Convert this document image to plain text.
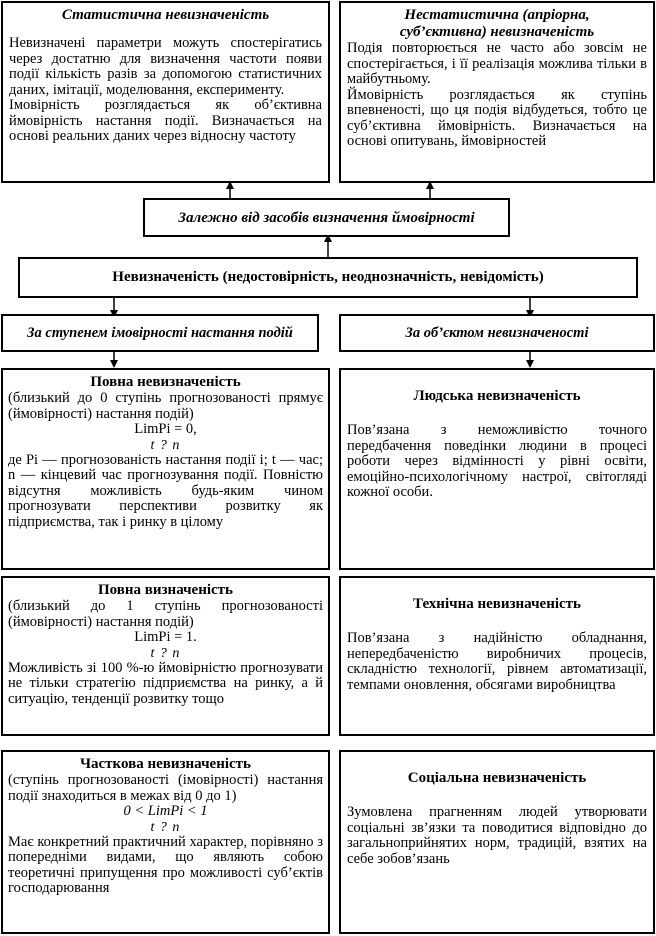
Статистична невизначеність

Невизначені параметри можуть спостерігатись через достатню для визначення частоти появи події кількість разів за допомогою статистичних даних, імітації, моделювання, експерименту.

Імовірність розглядається як об’єктивна ймовірність настання події. Визначається на основі реальних даних через відносну частоту

Нестатистична (апріорна,

суб’єктивна) невизначеність

Подія повторюється не часто або зовсім не спостерігається, і її реалізація можлива тільки в майбутньому.

Ймовірність розглядається як ступінь впевненості, що ця подія відбудеться, тобто це суб’єктивна ймовірність. Визначається на основі опитувань, ймовірностей

Залежно від засобів визначення ймовірності

Невизначеність (недостовірність, неоднозначність, невідомість)

За ступенем імовірності настання подій	За об’єктом невизначеності

Повна невизначеність

(близький до 0 ступінь прогнозованості прямує (ймовірності) настання подій)

LimPi = 0,

t ? n

де Pi — прогнозованість настання події i; t — час; n — кінцевий час прогнозування події. Повністю відсутня можливість будь-яким чином прогнозувати перспективи розвитку як підприємства, так і ринку в цілому

Повна визначеність

(близький до 1 ступінь прогнозованості (ймовірності) настання подій)

LimPi = 1.

t ? n

Можливість зі 100 %-ю ймовірністю прогнозувати не тільки стратегію підприємства на ринку, а й ситуацію, тенденції розвитку тощо

Часткова невизначеність

(ступінь прогнозованості (імовірності) настання події знаходиться в межах від 0 до 1)

0 < LimPi < 1

t ? n

Має конкретний практичний характер, порівняно з попередніми видами, що являють собою теоретичні припущення про можливості суб’єктів господарювання

Людська невизначеність

Пов’язана з неможливістю точного передбачення поведінки людини в процесі роботи через відмінності у рівні освіти, емоційно-психологічному настрої, світогляді кожної особи.

Технічна невизначеність

Пов’язана з надійністю обладнання, непередбаченістю виробничих процесів, складністю технології, рівнем автоматизації, темпами оновлення, обсягами виробництва

Соціальна невизначеність

Зумовлена прагненням людей утворювати соціальні зв’язки та поводитися відповідно до загальноприйнятих норм, традицій, взятих на себе зобов’язань
